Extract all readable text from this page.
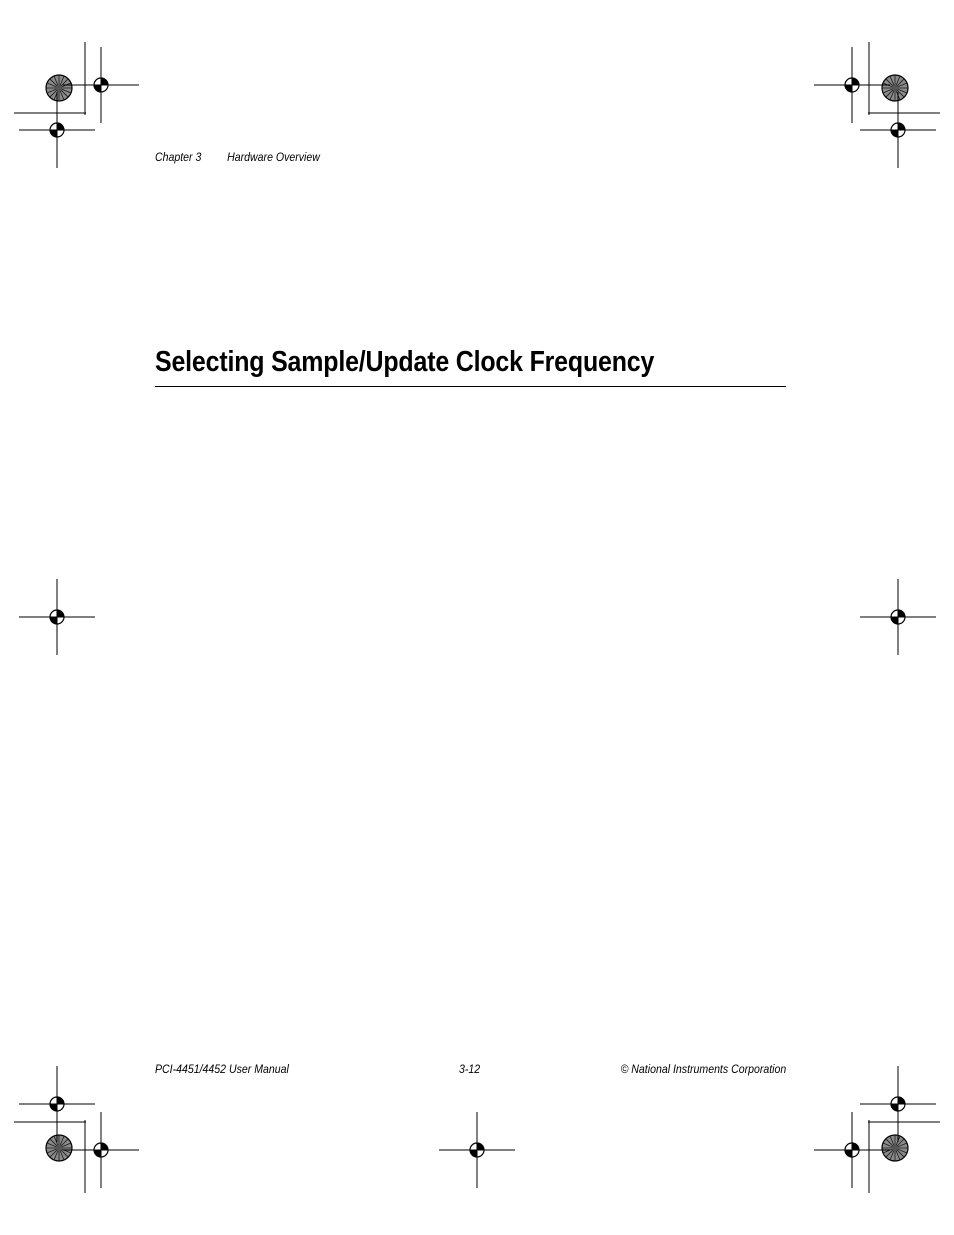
Chapter 3 Hardware Overview
Selecting Sample/Update Clock Frequency
PCI-4451/4452 User Manual	3-12	© National Instruments Corporation
